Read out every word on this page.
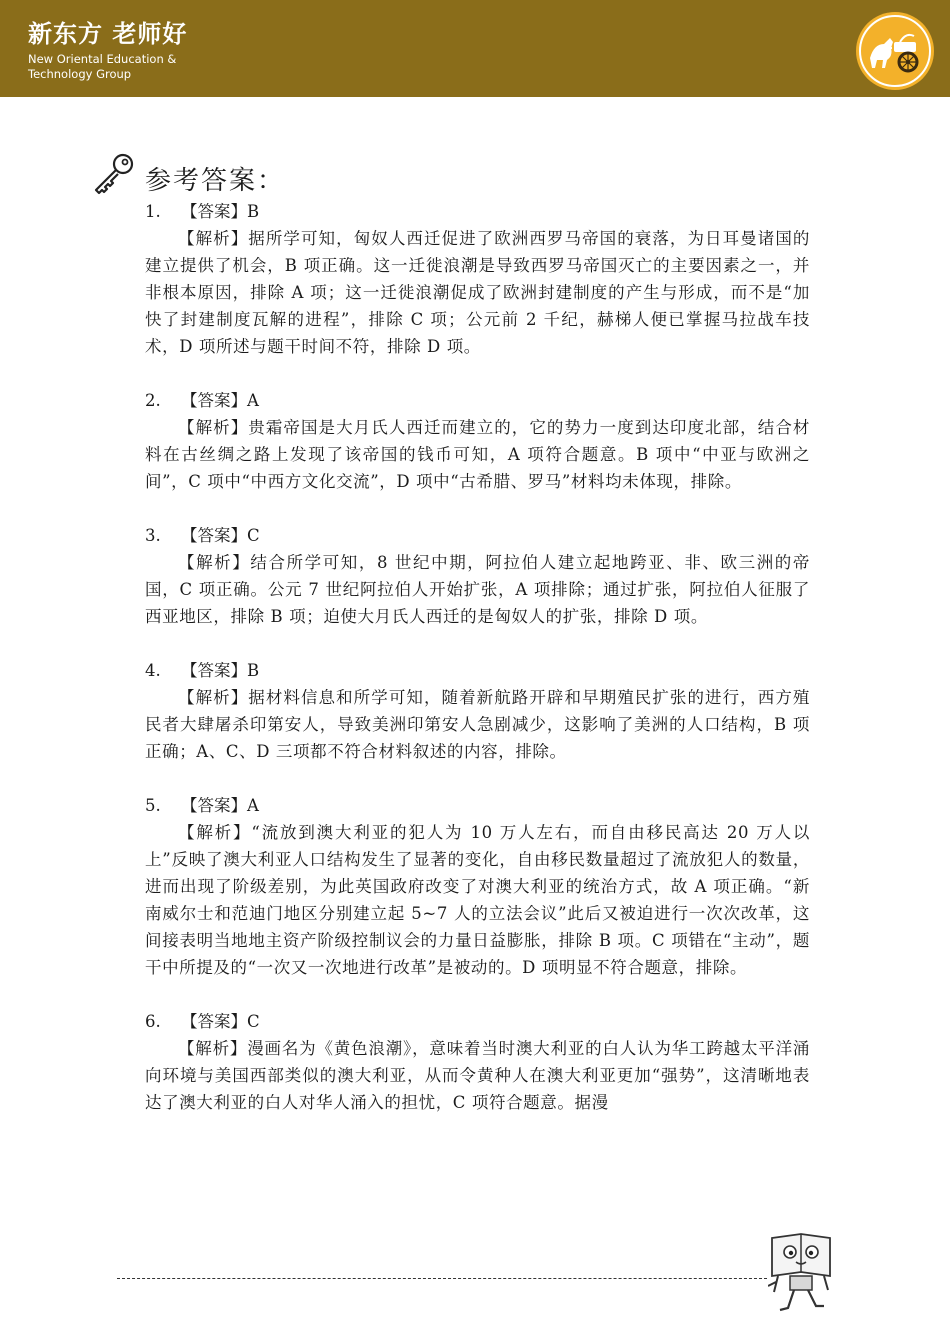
新东方 老师好
New Oriental Education &
Technology Group
参考答案：
1. 【答案】B
【解析】据所学可知，匈奴人西迁促进了欧洲西罗马帝国的衰落，为日耳曼诸国的建立提供了机会，B 项正确。这一迁徙浪潮是导致西罗马帝国灭亡的主要因素之一，并非根本原因，排除 A 项；这一迁徙浪潮促成了欧洲封建制度的产生与形成，而不是“加快了封建制度瓦解的进程”，排除 C 项；公元前 2 千纪，赫梯人便已掌握马拉战车技术，D 项所述与题干时间不符，排除 D 项。
2. 【答案】A
【解析】贵霜帝国是大月氏人西迁而建立的，它的势力一度到达印度北部，结合材料在古丝绸之路上发现了该帝国的钱币可知，A 项符合题意。B 项中“中亚与欧洲之间”，C 项中“中西方文化交流”，D 项中“古希腊、罗马”材料均未体现，排除。
3. 【答案】C
【解析】结合所学可知，8 世纪中期，阿拉伯人建立起地跨亚、非、欧三洲的帝国，C 项正确。公元 7 世纪阿拉伯人开始扩张，A 项排除；通过扩张，阿拉伯人征服了西亚地区，排除 B 项；迫使大月氏人西迁的是匈奴人的扩张，排除 D 项。
4. 【答案】B
【解析】据材料信息和所学可知，随着新航路开辟和早期殖民扩张的进行，西方殖民者大肆屠杀印第安人，导致美洲印第安人急剧减少，这影响了美洲的人口结构，B 项正确；A、C、D 三项都不符合材料叙述的内容，排除。
5. 【答案】A
【解析】“流放到澳大利亚的犯人为 10 万人左右，而自由移民高达 20 万人以上”反映了澳大利亚人口结构发生了显著的变化，自由移民数量超过了流放犯人的数量，进而出现了阶级差别，为此英国政府改变了对澳大利亚的统治方式，故 A 项正确。“新南威尔士和范迪门地区分别建立起 5~7 人的立法会议”此后又被迫进行一次次改革，这间接表明当地地主资产阶级控制议会的力量日益膨胀，排除 B 项。C 项错在“主动”，题干中所提及的“一次又一次地进行改革”是被动的。D 项明显不符合题意，排除。
6. 【答案】C
【解析】漫画名为《黄色浪潮》，意味着当时澳大利亚的白人认为华工跨越太平洋涌向环境与美国西部类似的澳大利亚，从而令黄种人在澳大利亚更加“强势”，这清晰地表达了澳大利亚的白人对华人涌入的担忧，C 项符合题意。据漫
